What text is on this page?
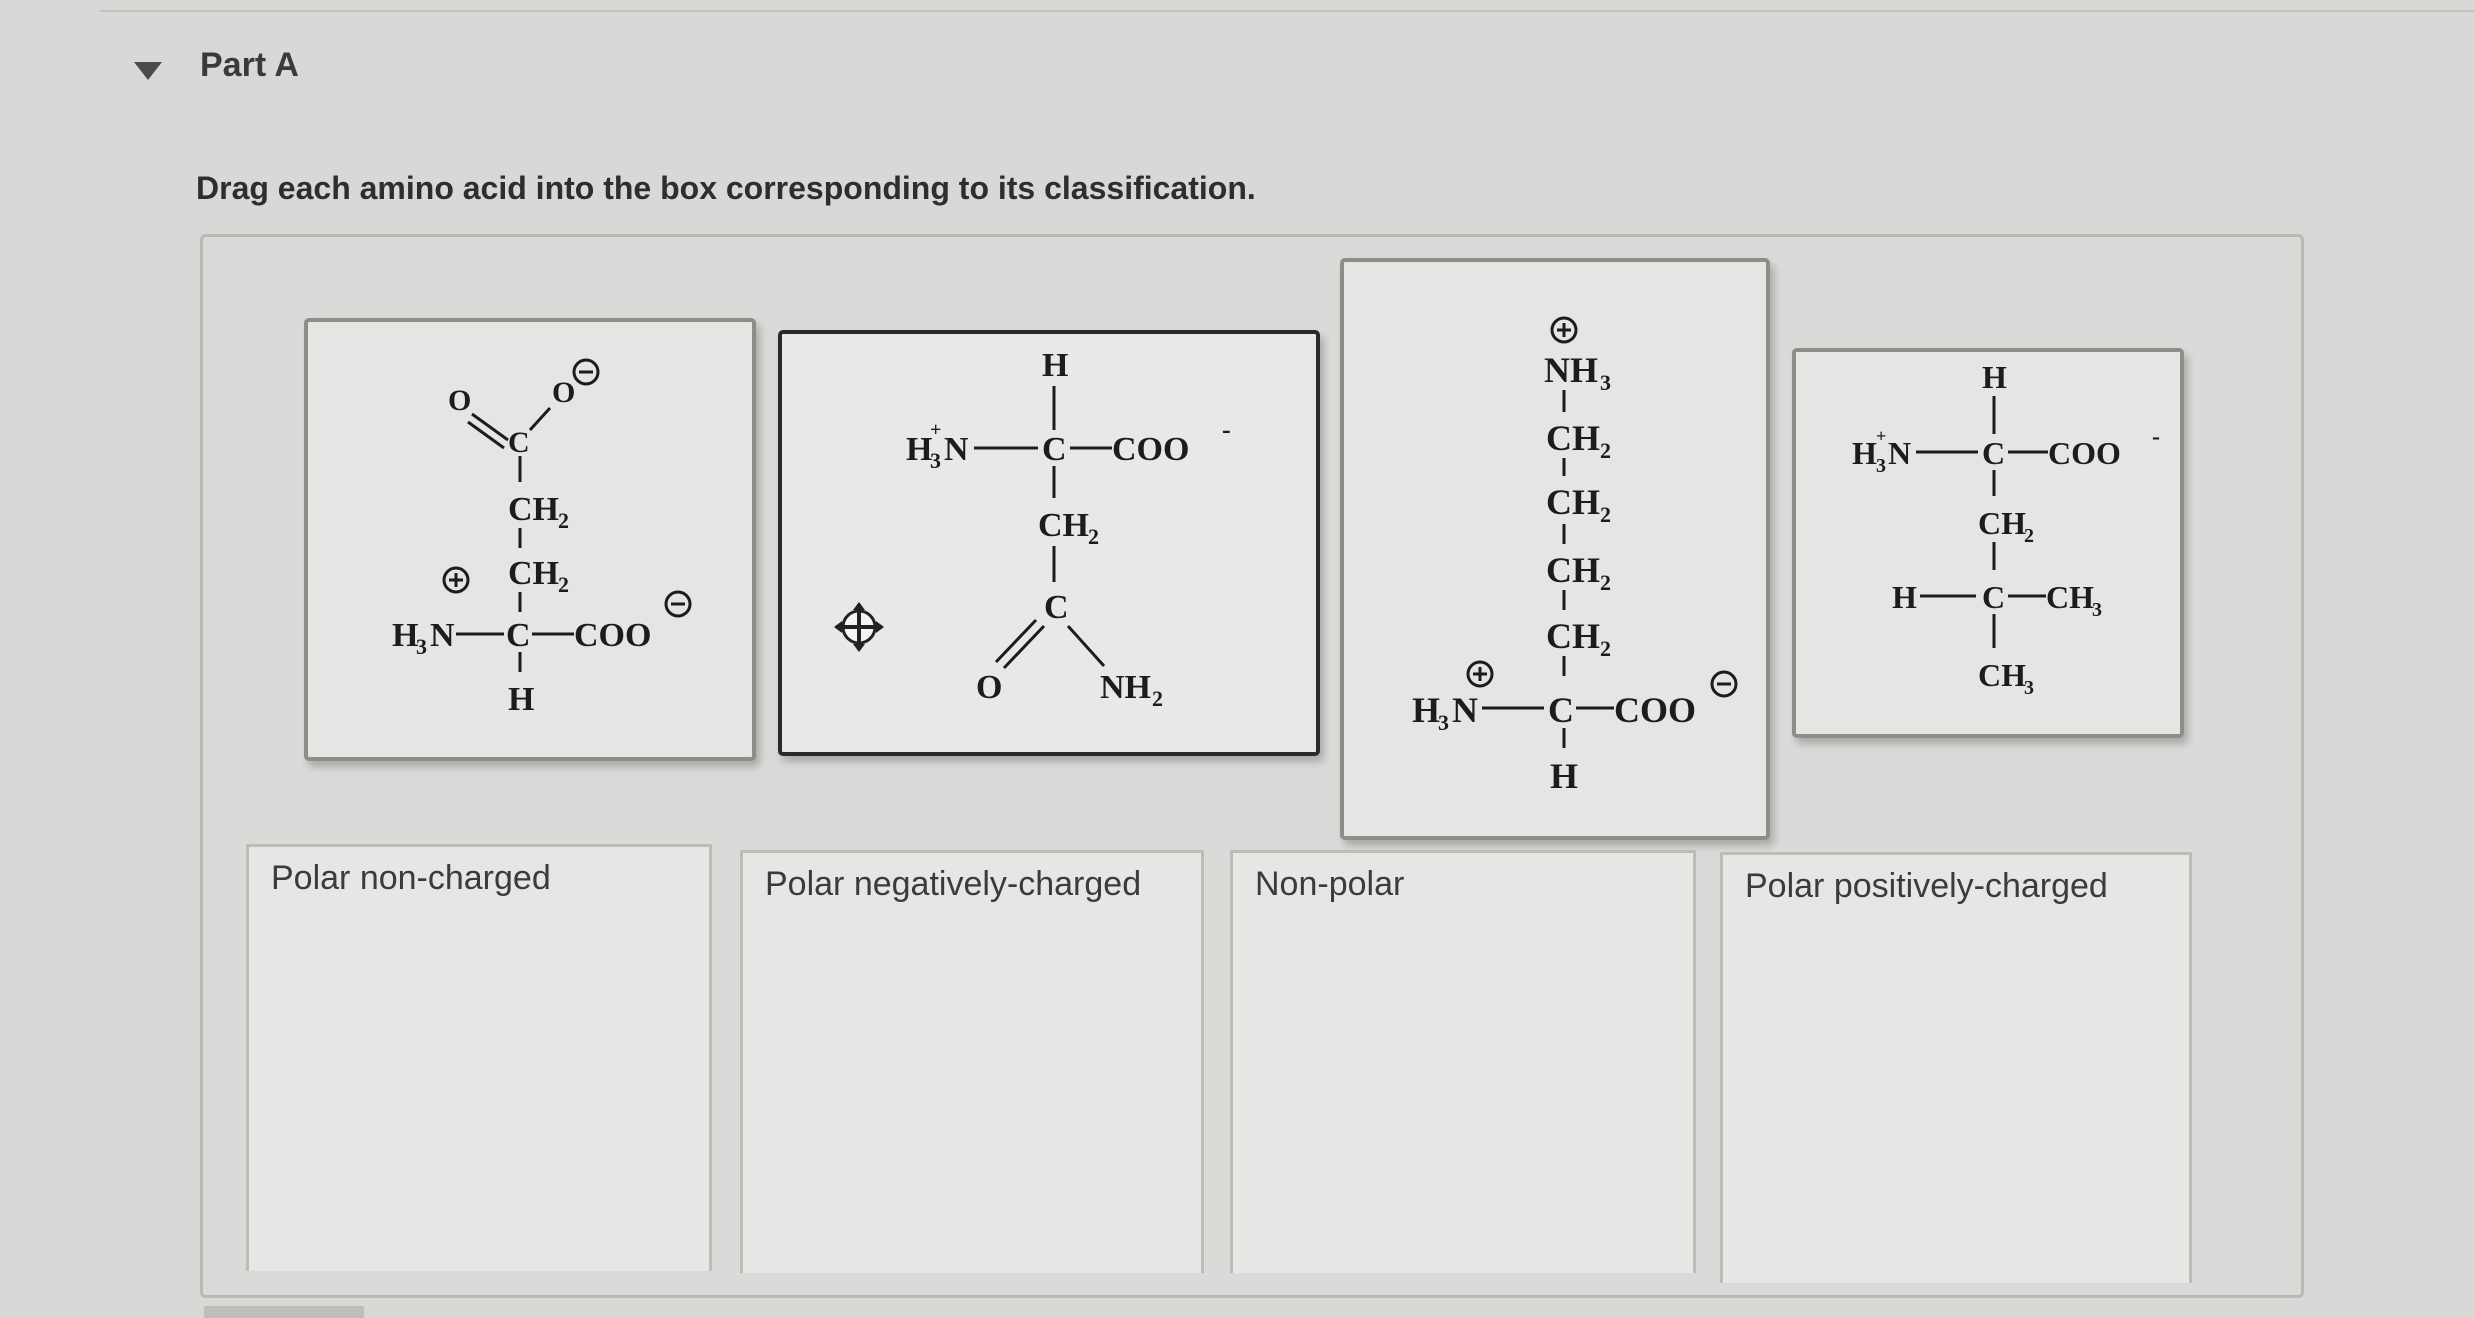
Part A
Drag each amino acid into the box corresponding to its classification.
O
C
O
CH 2
CH 2
H
3 N C COO
H
H
H
3
+
N C COO
-
CH 2
C
O	NH 2
NH 3
CH 2
CH 2
CH 2
CH 2
H
3 N C COO
H
H
H 3
+ N C COO -
CH
2
H C CH
3
CH
3
Polar non-charged	Polar negatively-charged	Non-polar	Polar positively-charged
